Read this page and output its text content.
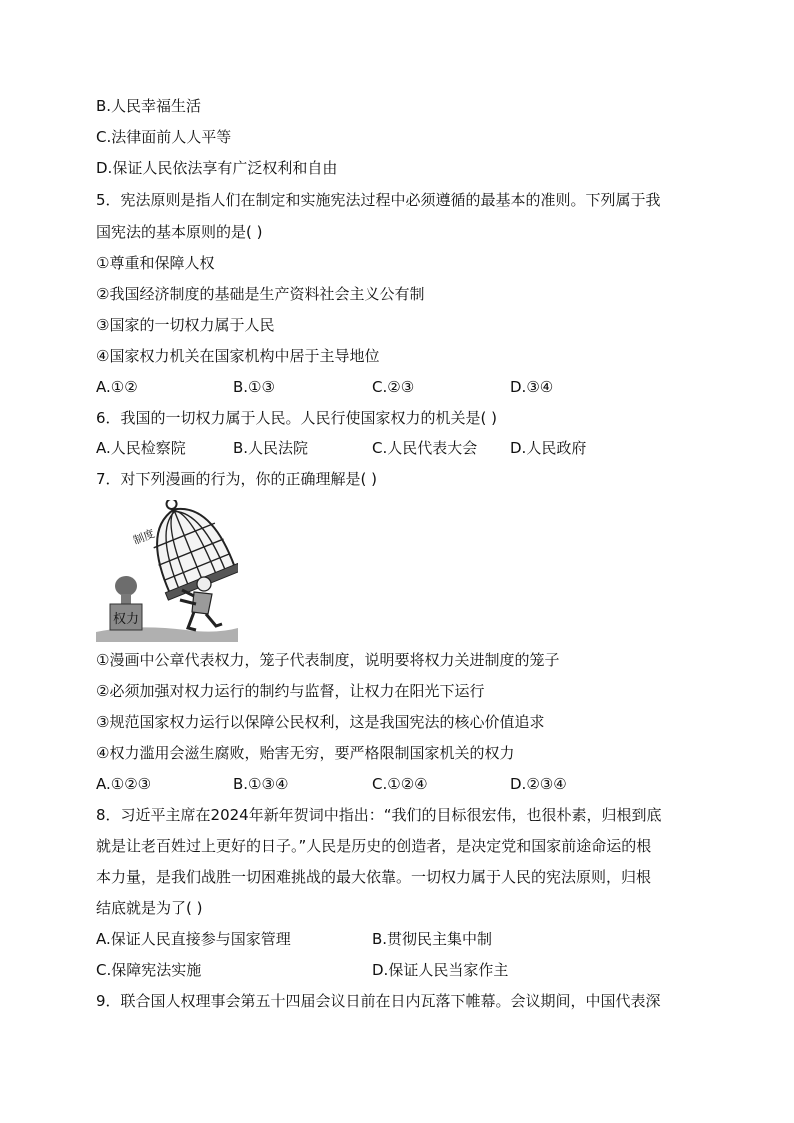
B.人民幸福生活
C.法律面前人人平等
D.保证人民依法享有广泛权利和自由
5．宪法原则是指人们在制定和实施宪法过程中必须遵循的最基本的准则。下列属于我
国宪法的基本原则的是( )
①尊重和保障人权
②我国经济制度的基础是生产资料社会主义公有制
③国家的一切权力属于人民
④国家权力机关在国家机构中居于主导地位
A.①②	B.①③	C.②③	D.③④
6．我国的一切权力属于人民。人民行使国家权力的机关是( )
A.人民检察院	B.人民法院	C.人民代表大会 D.人民政府
7．对下列漫画的行为，你的正确理解是( )
权力
制度
①漫画中公章代表权力，笼子代表制度，说明要将权力关进制度的笼子
②必须加强对权力运行的制约与监督，让权力在阳光下运行
③规范国家权力运行以保障公民权利，这是我国宪法的核心价值追求
④权力滥用会滋生腐败，贻害无穷，要严格限制国家机关的权力
A.①②③	B.①③④	C.①②④	D.②③④
8．习近平主席在2024年新年贺词中指出：“我们的目标很宏伟，也很朴素，归根到底
就是让老百姓过上更好的日子。”人民是历史的创造者，是决定党和国家前途命运的根
本力量，是我们战胜一切困难挑战的最大依靠。一切权力属于人民的宪法原则，归根
结底就是为了( )
A.保证人民直接参与国家管理	B.贯彻民主集中制
C.保障宪法实施	D.保证人民当家作主
9．联合国人权理事会第五十四届会议日前在日内瓦落下帷幕。会议期间，中国代表深
